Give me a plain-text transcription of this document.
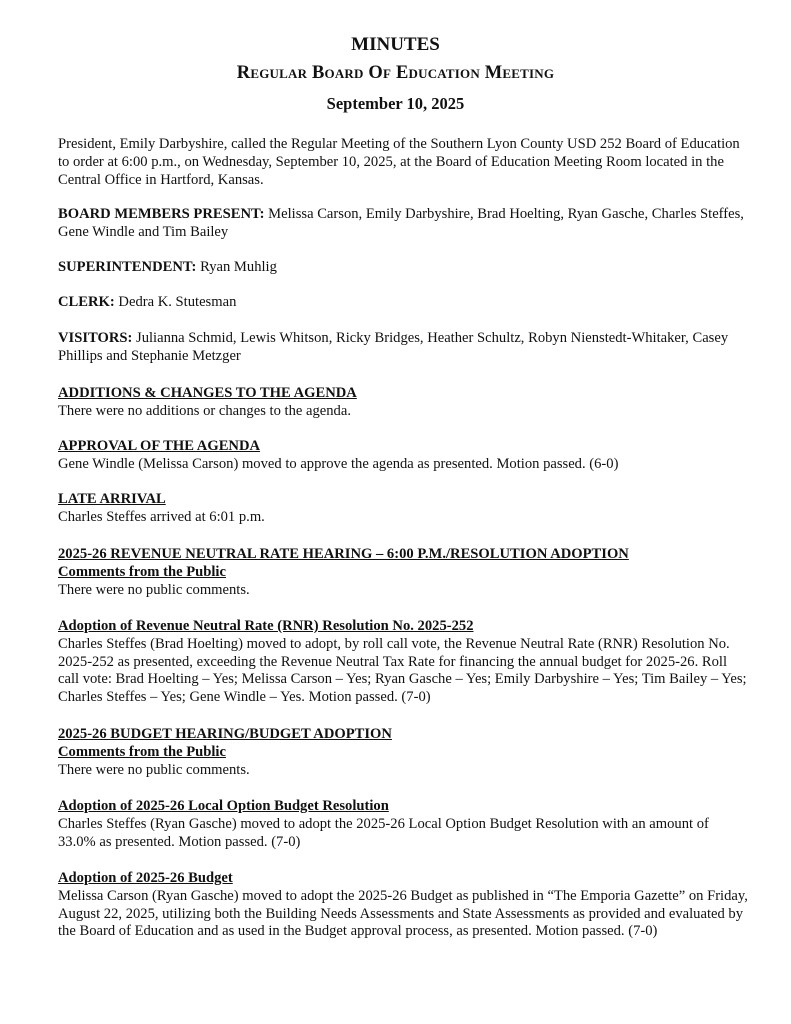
MINUTES
Regular Board Of Education Meeting
September 10, 2025

President, Emily Darbyshire, called the Regular Meeting of the Southern Lyon County USD 252 Board of Education to order at 6:00 p.m., on Wednesday, September 10, 2025, at the Board of Education Meeting Room located in the Central Office in Hartford, Kansas.

BOARD MEMBERS PRESENT: Melissa Carson, Emily Darbyshire, Brad Hoelting, Ryan Gasche, Charles Steffes, Gene Windle and Tim Bailey

SUPERINTENDENT: Ryan Muhlig

CLERK: Dedra K. Stutesman

VISITORS: Julianna Schmid, Lewis Whitson, Ricky Bridges, Heather Schultz, Robyn Nienstedt-Whitaker, Casey Phillips and Stephanie Metzger

ADDITIONS & CHANGES TO THE AGENDA
There were no additions or changes to the agenda.
APPROVAL OF THE AGENDA
Gene Windle (Melissa Carson) moved to approve the agenda as presented. Motion passed. (6-0)
LATE ARRIVAL
Charles Steffes arrived at 6:01 p.m.
2025-26 REVENUE NEUTRAL RATE HEARING – 6:00 P.M./RESOLUTION ADOPTION
Comments from the Public
There were no public comments.
Adoption of Revenue Neutral Rate (RNR) Resolution No. 2025-252
Charles Steffes (Brad Hoelting) moved to adopt, by roll call vote, the Revenue Neutral Rate (RNR) Resolution No. 2025-252 as presented, exceeding the Revenue Neutral Tax Rate for financing the annual budget for 2025-26. Roll call vote: Brad Hoelting – Yes; Melissa Carson – Yes; Ryan Gasche – Yes; Emily Darbyshire – Yes; Tim Bailey – Yes; Charles Steffes – Yes; Gene Windle – Yes. Motion passed. (7-0)
2025-26 BUDGET HEARING/BUDGET ADOPTION
Comments from the Public
There were no public comments.
Adoption of 2025-26 Local Option Budget Resolution
Charles Steffes (Ryan Gasche) moved to adopt the 2025-26 Local Option Budget Resolution with an amount of 33.0% as presented. Motion passed. (7-0)
Adoption of 2025-26 Budget
Melissa Carson (Ryan Gasche) moved to adopt the 2025-26 Budget as published in “The Emporia Gazette” on Friday, August 22, 2025, utilizing both the Building Needs Assessments and State Assessments as provided and evaluated by the Board of Education and as used in the Budget approval process, as presented. Motion passed. (7-0)
